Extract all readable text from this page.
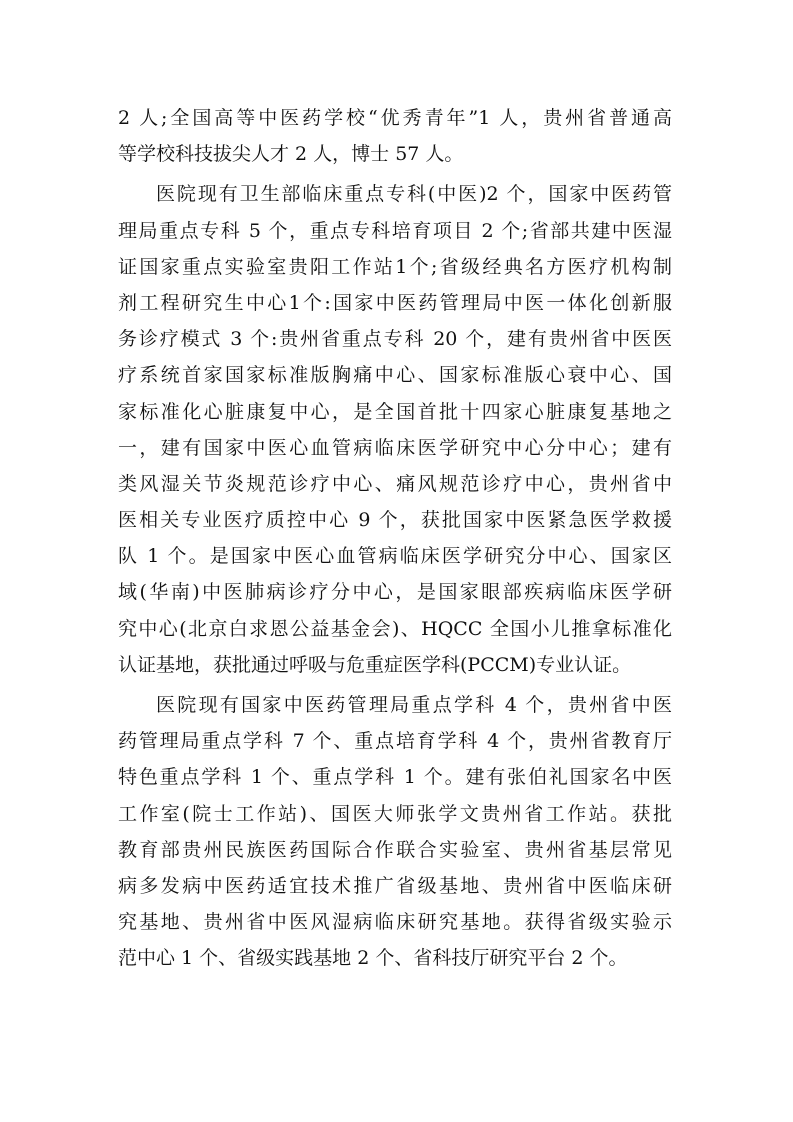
2 人;全国高等中医药学校“优秀青年”1 人，贵州省普通高
等学校科技拔尖人才 2 人，博士 57 人。
医院现有卫生部临床重点专科(中医)2 个，国家中医药管
理局重点专科 5 个，重点专科培育项目 2 个;省部共建中医湿
证国家重点实验室贵阳工作站1个;省级经典名方医疗机构制
剂工程研究生中心1个:国家中医药管理局中医一体化创新服
务诊疗模式 3 个:贵州省重点专科 20 个，建有贵州省中医医
疗系统首家国家标准版胸痛中心、国家标准版心衰中心、国
家标准化心脏康复中心，是全国首批十四家心脏康复基地之
一，建有国家中医心血管病临床医学研究中心分中心；建有
类风湿关节炎规范诊疗中心、痛风规范诊疗中心，贵州省中
医相关专业医疗质控中心 9 个，获批国家中医紧急医学救援
队 1 个。是国家中医心血管病临床医学研究分中心、国家区
域(华南)中医肺病诊疗分中心，是国家眼部疾病临床医学研
究中心(北京白求恩公益基金会)、HQCC 全国小儿推拿标准化
认证基地，获批通过呼吸与危重症医学科(PCCM)专业认证。
医院现有国家中医药管理局重点学科 4 个，贵州省中医
药管理局重点学科 7 个、重点培育学科 4 个，贵州省教育厅
特色重点学科 1 个、重点学科 1 个。建有张伯礼国家名中医
工作室(院士工作站)、国医大师张学文贵州省工作站。获批
教育部贵州民族医药国际合作联合实验室、贵州省基层常见
病多发病中医药适宜技术推广省级基地、贵州省中医临床研
究基地、贵州省中医风湿病临床研究基地。获得省级实验示
范中心 1 个、省级实践基地 2 个、省科技厅研究平台 2 个。
